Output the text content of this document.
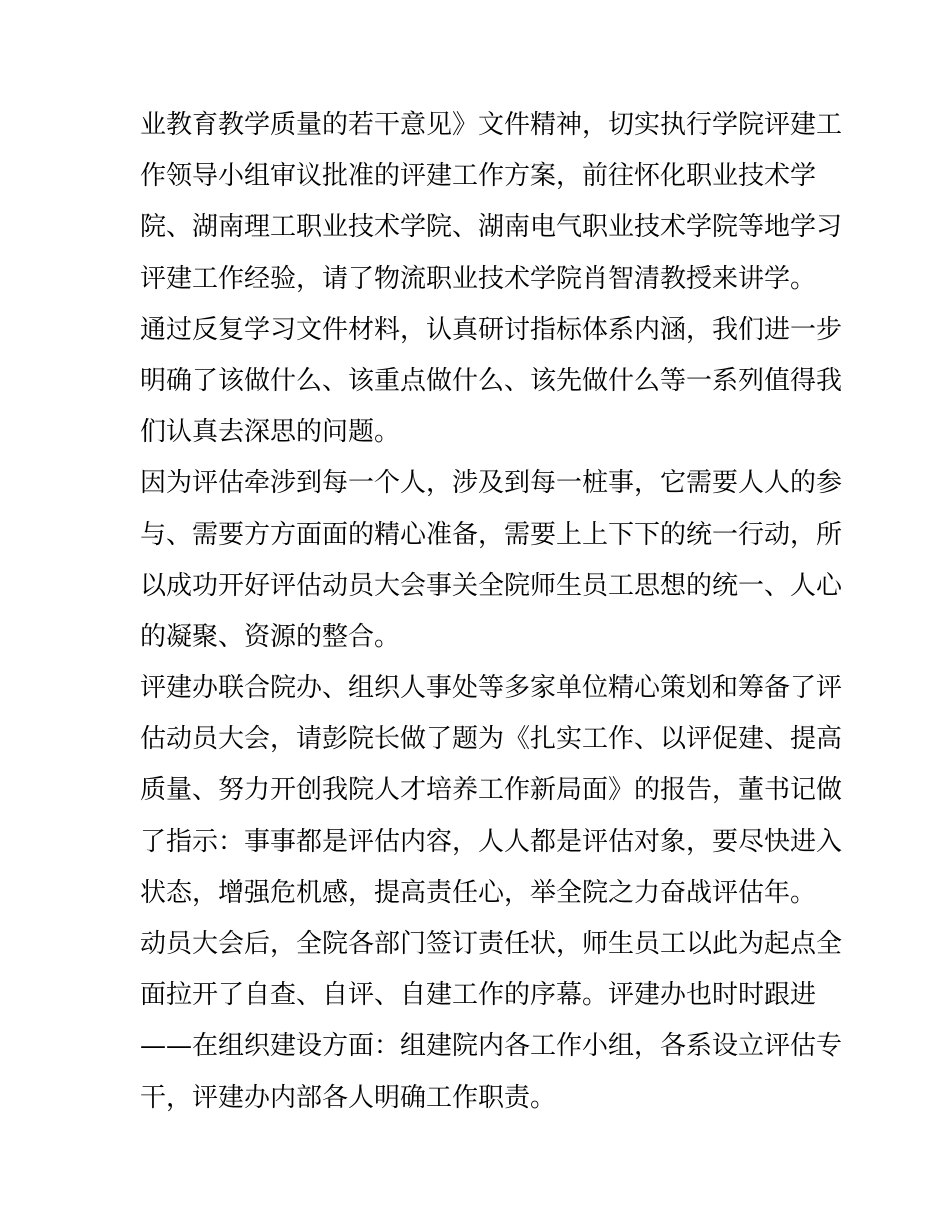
业教育教学质量的若干意见》文件精神，切实执行学院评建工
作领导小组审议批准的评建工作方案，前往怀化职业技术学
院、湖南理工职业技术学院、湖南电气职业技术学院等地学习
评建工作经验，请了物流职业技术学院肖智清教授来讲学。
通过反复学习文件材料，认真研讨指标体系内涵，我们进一步
明确了该做什么、该重点做什么、该先做什么等一系列值得我
们认真去深思的问题。
因为评估牵涉到每一个人，涉及到每一桩事，它需要人人的参
与、需要方方面面的精心准备，需要上上下下的统一行动，所
以成功开好评估动员大会事关全院师生员工思想的统一、人心
的凝聚、资源的整合。
评建办联合院办、组织人事处等多家单位精心策划和筹备了评
估动员大会，请彭院长做了题为《扎实工作、以评促建、提高
质量、努力开创我院人才培养工作新局面》的报告，董书记做
了指示：事事都是评估内容，人人都是评估对象，要尽快进入
状态，增强危机感，提高责任心，举全院之力奋战评估年。
动员大会后，全院各部门签订责任状，师生员工以此为起点全
面拉开了自查、自评、自建工作的序幕。评建办也时时跟进
——在组织建设方面：组建院内各工作小组，各系设立评估专
干，评建办内部各人明确工作职责。
